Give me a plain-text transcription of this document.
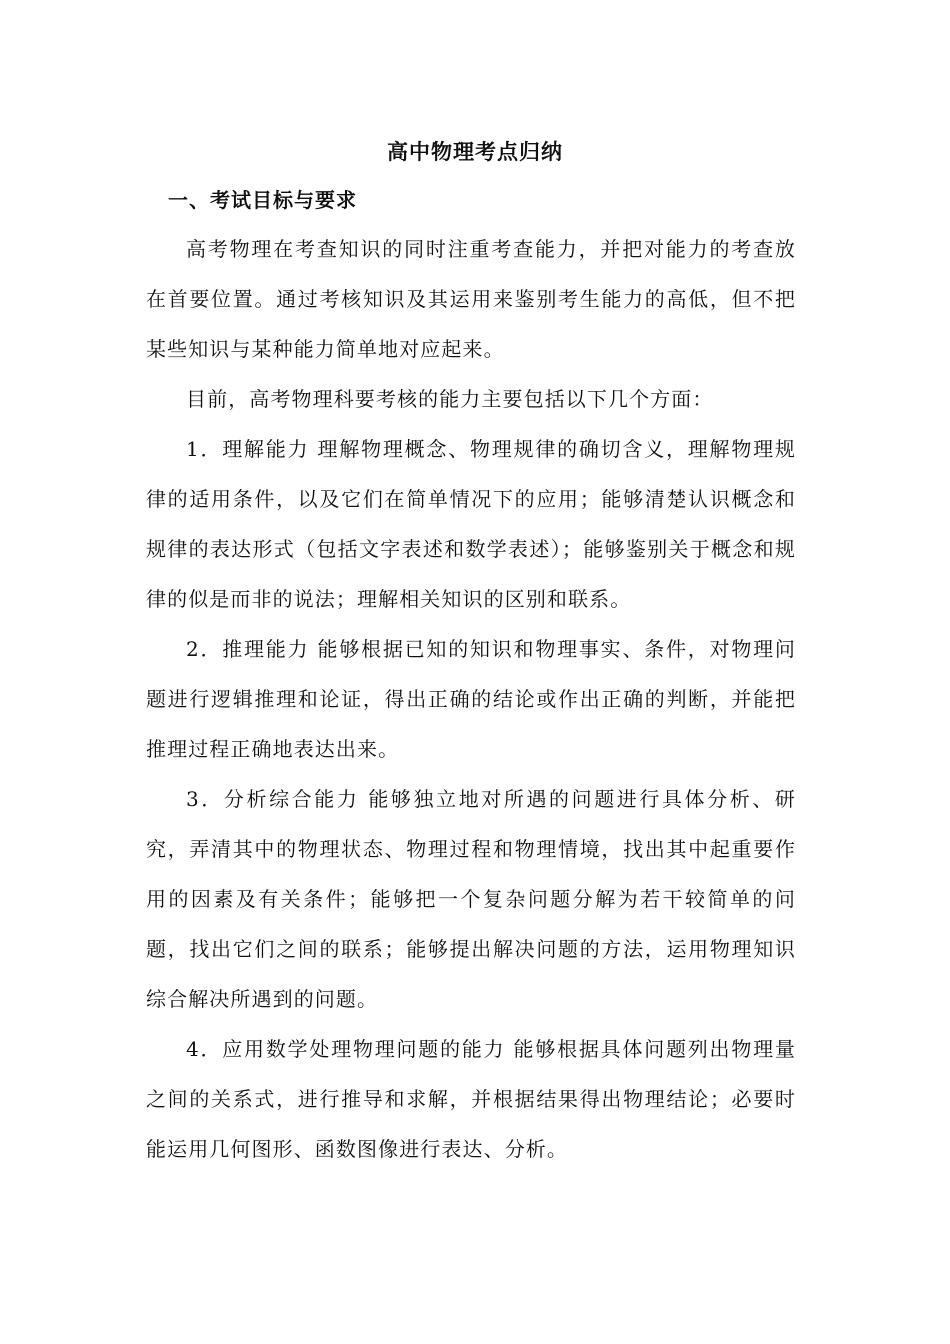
高中物理考点归纳
一、考试目标与要求

高考物理在考查知识的同时注重考查能力，并把对能力的考查放在首要位置。通过考核知识及其运用来鉴别考生能力的高低，但不把某些知识与某种能力简单地对应起来。

目前，高考物理科要考核的能力主要包括以下几个方面：

1．理解能力 理解物理概念、物理规律的确切含义，理解物理规律的适用条件，以及它们在简单情况下的应用；能够清楚认识概念和规律的表达形式（包括文字表述和数学表述）；能够鉴别关于概念和规律的似是而非的说法；理解相关知识的区别和联系。

2．推理能力 能够根据已知的知识和物理事实、条件，对物理问题进行逻辑推理和论证，得出正确的结论或作出正确的判断，并能把推理过程正确地表达出来。

3．分析综合能力 能够独立地对所遇的问题进行具体分析、研究，弄清其中的物理状态、物理过程和物理情境，找出其中起重要作用的因素及有关条件；能够把一个复杂问题分解为若干较简单的问题，找出它们之间的联系；能够提出解决问题的方法，运用物理知识综合解决所遇到的问题。

4．应用数学处理物理问题的能力 能够根据具体问题列出物理量之间的关系式，进行推导和求解，并根据结果得出物理结论；必要时能运用几何图形、函数图像进行表达、分析。
